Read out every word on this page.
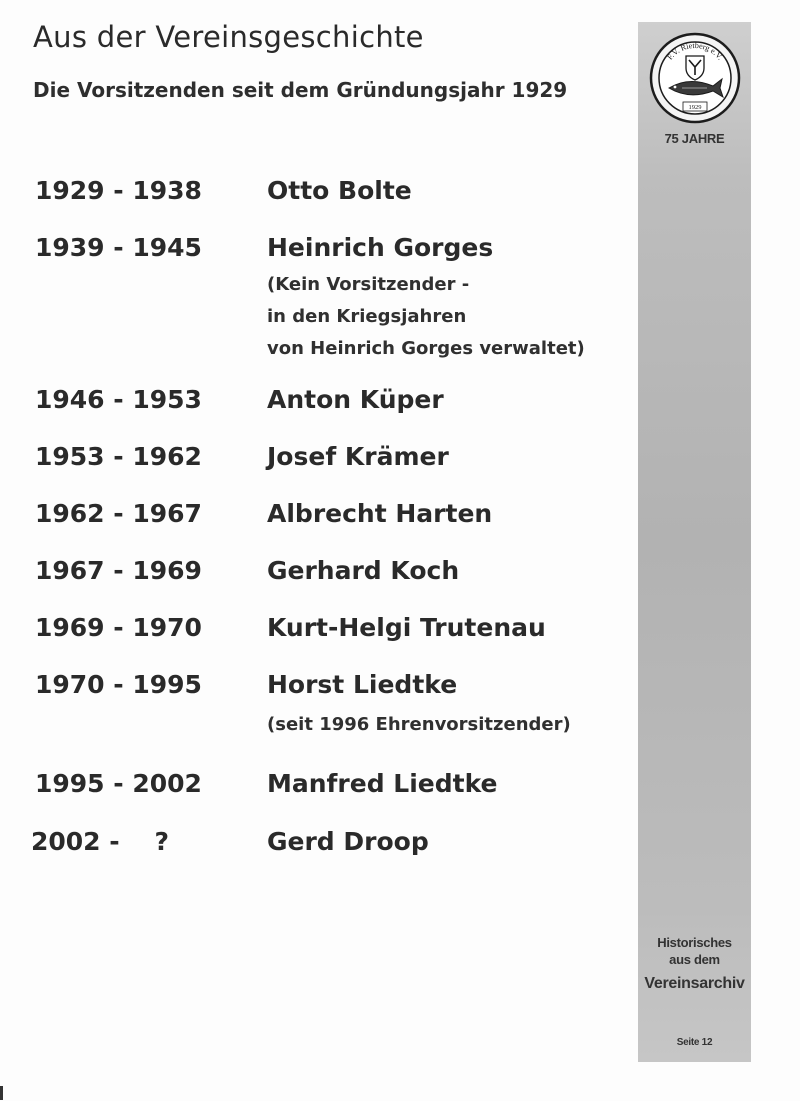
Aus der Vereinsgeschichte
Die Vorsitzenden seit dem Gründungsjahr 1929
1929 - 1938	Otto Bolte
1939 - 1945	Heinrich Gorges
(Kein Vorsitzender -
in den Kriegsjahren
von Heinrich Gorges verwaltet)
1946 - 1953	Anton Küper
1953 - 1962	Josef Krämer
1962 - 1967	Albrecht Harten
1967 - 1969	Gerhard Koch
1969 - 1970	Kurt-Helgi Trutenau
1970 - 1995	Horst Liedtke
(seit 1996 Ehrenvorsitzender)
1995 - 2002	Manfred Liedtke
2002 -    ?	Gerd Droop
F.V. Rietberg e.V.
1929
75 JAHRE
Historisches
aus dem
Vereinsarchiv
Seite 12
